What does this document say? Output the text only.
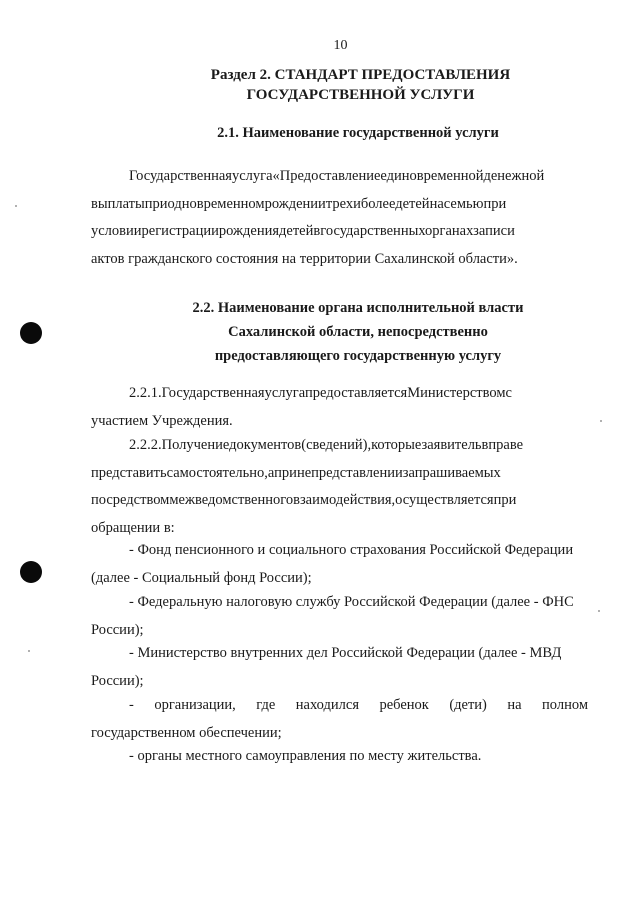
10
Раздел 2. СТАНДАРТ ПРЕДОСТАВЛЕНИЯ
ГОСУДАРСТВЕННОЙ УСЛУГИ
2.1. Наименование государственной услуги
Государственнаяуслуга«Предоставлениеединовременнойденежной
выплатыприодновременномрождениитрехиболеедетейнасемьюпри
условиирегистрациирождениядетейвгосударственныхорганахзаписи
актов гражданского состояния на территории Сахалинской области».
2.2. Наименование органа исполнительной власти
Сахалинской области, непосредственно
предоставляющего государственную услугу
2.2.1.ГосударственнаяуслугапредоставляетсяМинистерствомс
участием Учреждения.
2.2.2.Получениедокументов(сведений),которыезаявительвправе
представитьсамостоятельно,апринепредставлениизапрашиваемых
посредствоммежведомственноговзаимодействия,осуществляетсяпри
обращении в:
- Фонд пенсионного и социального страхования Российской Федерации
(далее - Социальный фонд России);
- Федеральную налоговую службу Российской Федерации (далее - ФНС
России);
- Министерство внутренних дел Российской Федерации (далее - МВД
России);
- организации, где находился ребенок (дети) на полном
государственном обеспечении;
- органы местного самоуправления по месту жительства.
